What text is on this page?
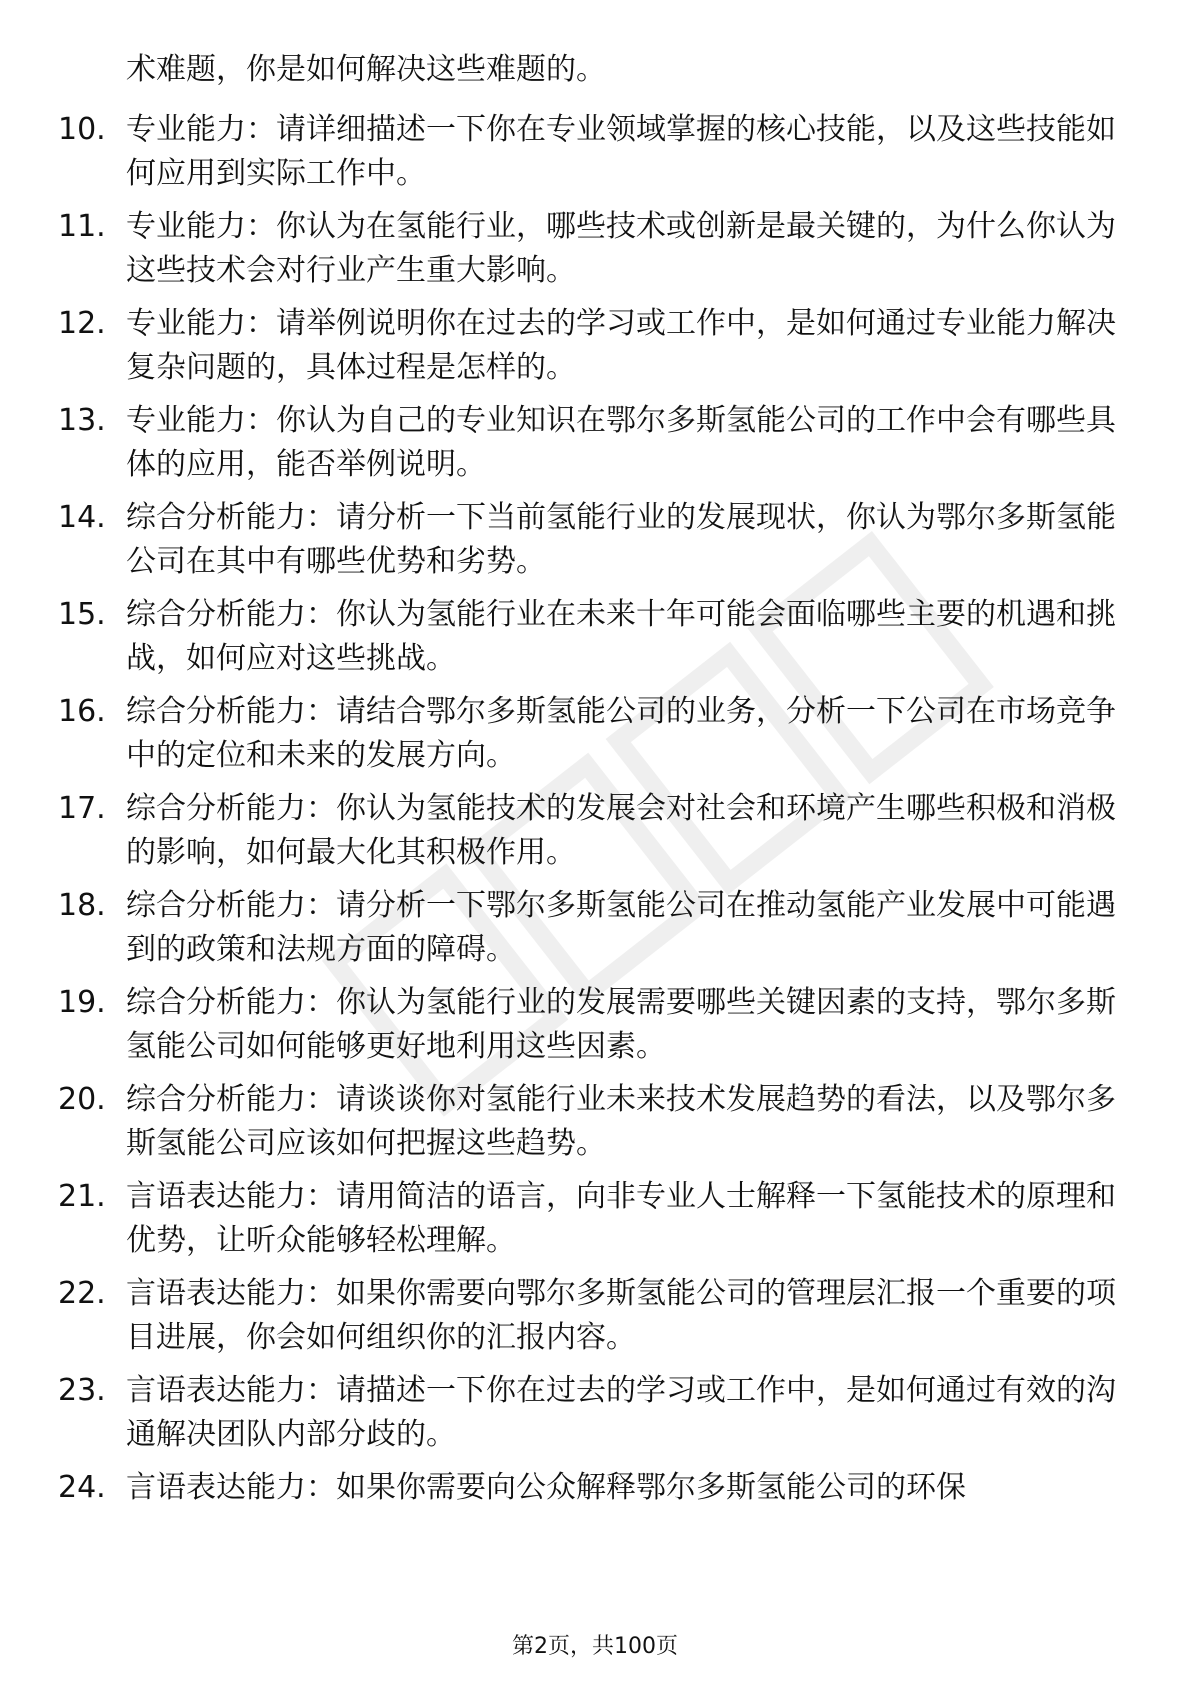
术难题，你是如何解决这些难题的。

10. 专业能力：请详细描述一下你在专业领域掌握的核心技能，以及这些技能如何应用到实际工作中。

11. 专业能力：你认为在氢能行业，哪些技术或创新是最关键的，为什么你认为这些技术会对行业产生重大影响。

12. 专业能力：请举例说明你在过去的学习或工作中，是如何通过专业能力解决复杂问题的，具体过程是怎样的。

13. 专业能力：你认为自己的专业知识在鄂尔多斯氢能公司的工作中会有哪些具体的应用，能否举例说明。

14. 综合分析能力：请分析一下当前氢能行业的发展现状，你认为鄂尔多斯氢能公司在其中有哪些优势和劣势。

15. 综合分析能力：你认为氢能行业在未来十年可能会面临哪些主要的机遇和挑战，如何应对这些挑战。

16. 综合分析能力：请结合鄂尔多斯氢能公司的业务，分析一下公司在市场竞争中的定位和未来的发展方向。

17. 综合分析能力：你认为氢能技术的发展会对社会和环境产生哪些积极和消极的影响，如何最大化其积极作用。

18. 综合分析能力：请分析一下鄂尔多斯氢能公司在推动氢能产业发展中可能遇到的政策和法规方面的障碍。

19. 综合分析能力：你认为氢能行业的发展需要哪些关键因素的支持，鄂尔多斯氢能公司如何能够更好地利用这些因素。

20. 综合分析能力：请谈谈你对氢能行业未来技术发展趋势的看法，以及鄂尔多斯氢能公司应该如何把握这些趋势。

21. 言语表达能力：请用简洁的语言，向非专业人士解释一下氢能技术的原理和优势，让听众能够轻松理解。

22. 言语表达能力：如果你需要向鄂尔多斯氢能公司的管理层汇报一个重要的项目进展，你会如何组织你的汇报内容。

23. 言语表达能力：请描述一下你在过去的学习或工作中，是如何通过有效的沟通解决团队内部分歧的。

24. 言语表达能力：如果你需要向公众解释鄂尔多斯氢能公司的环保

第2页，共100页
